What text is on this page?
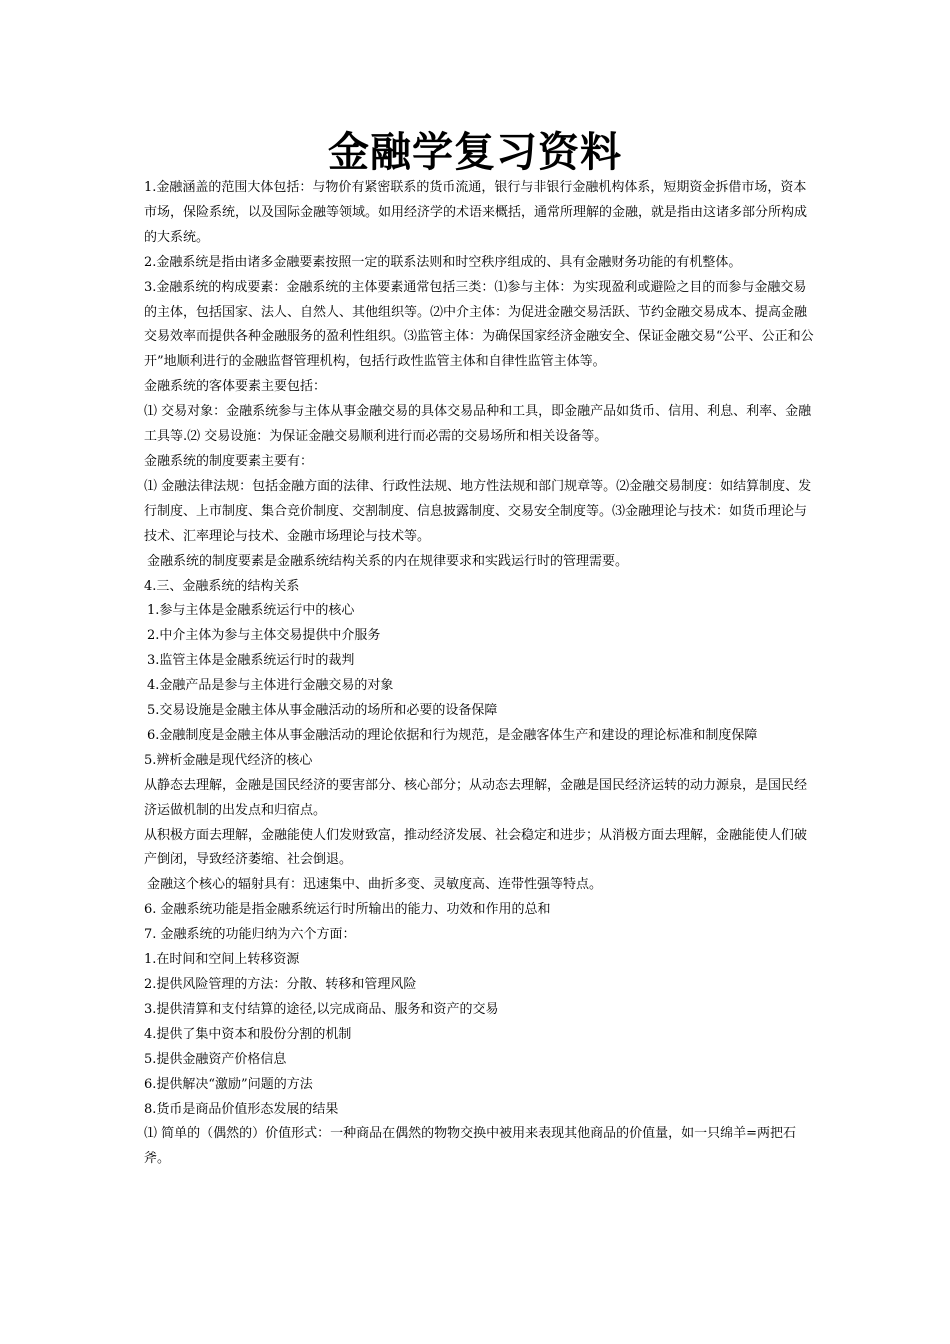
金融学复习资料

1.金融涵盖的范围大体包括：与物价有紧密联系的货币流通，银行与非银行金融机构体系，短期资金拆借市场，资本市场，保险系统，以及国际金融等领域。如用经济学的术语来概括，通常所理解的金融，就是指由这诸多部分所构成的大系统。

2.金融系统是指由诸多金融要素按照一定的联系法则和时空秩序组成的、具有金融财务功能的有机整体。

3.金融系统的构成要素：金融系统的主体要素通常包括三类：⑴参与主体：为实现盈利或避险之目的而参与金融交易的主体，包括国家、法人、自然人、其他组织等。⑵中介主体：为促进金融交易活跃、节约金融交易成本、提高金融交易效率而提供各种金融服务的盈利性组织。⑶监管主体：为确保国家经济金融安全、保证金融交易“公平、公正和公开”地顺利进行的金融监督管理机构，包括行政性监管主体和自律性监管主体等。

金融系统的客体要素主要包括：

⑴ 交易对象：金融系统参与主体从事金融交易的具体交易品种和工具，即金融产品如货币、信用、利息、利率、金融工具等.⑵ 交易设施：为保证金融交易顺利进行而必需的交易场所和相关设备等。

金融系统的制度要素主要有：

⑴ 金融法律法规：包括金融方面的法律、行政性法规、地方性法规和部门规章等。⑵金融交易制度：如结算制度、发行制度、上市制度、集合竞价制度、交割制度、信息披露制度、交易安全制度等。⑶金融理论与技术：如货币理论与技术、汇率理论与技术、金融市场理论与技术等。

金融系统的制度要素是金融系统结构关系的内在规律要求和实践运行时的管理需要。

4.三、金融系统的结构关系

1.参与主体是金融系统运行中的核心

2.中介主体为参与主体交易提供中介服务

3.监管主体是金融系统运行时的裁判

4.金融产品是参与主体进行金融交易的对象

5.交易设施是金融主体从事金融活动的场所和必要的设备保障

6.金融制度是金融主体从事金融活动的理论依据和行为规范，是金融客体生产和建设的理论标准和制度保障

5.辨析金融是现代经济的核心

从静态去理解，金融是国民经济的要害部分、核心部分；从动态去理解，金融是国民经济运转的动力源泉，是国民经济运做机制的出发点和归宿点。

从积极方面去理解，金融能使人们发财致富，推动经济发展、社会稳定和进步；从消极方面去理解，金融能使人们破产倒闭，导致经济萎缩、社会倒退。

金融这个核心的辐射具有：迅速集中、曲折多变、灵敏度高、连带性强等特点。

6. 金融系统功能是指金融系统运行时所输出的能力、功效和作用的总和

7. 金融系统的功能归纳为六个方面：

1.在时间和空间上转移资源

2.提供风险管理的方法：分散、转移和管理风险

3.提供清算和支付结算的途径,以完成商品、服务和资产的交易

4.提供了集中资本和股份分割的机制

5.提供金融资产价格信息

6.提供解决“激励”问题的方法

8.货币是商品价值形态发展的结果

⑴ 简单的（偶然的）价值形式：一种商品在偶然的物物交换中被用来表现其他商品的价值量，如一只绵羊=两把石斧。
